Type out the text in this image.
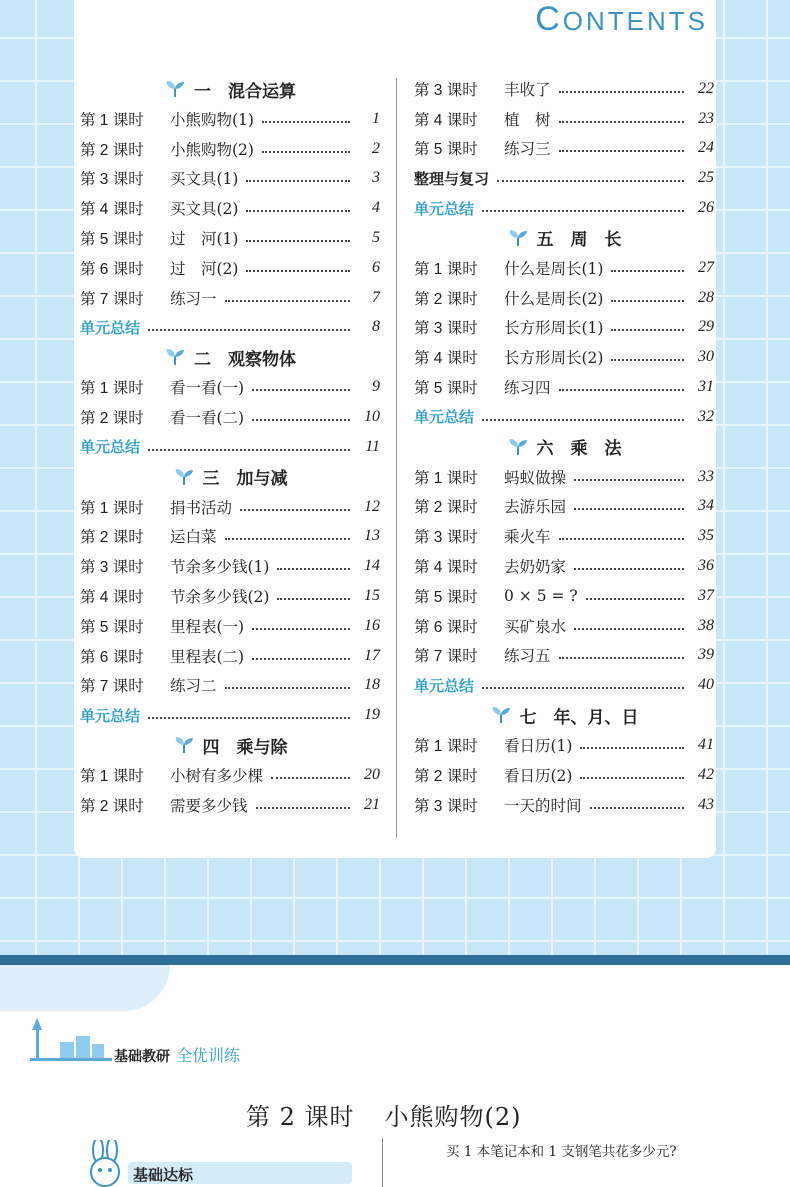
CONTENTS
一　混合运算
第 1 课时	小熊购物(1)	1
第 2 课时	小熊购物(2)	2
第 3 课时	买文具(1)	3
第 4 课时	买文具(2)	4
第 5 课时	过　河(1)	5
第 6 课时	过　河(2)	6
第 7 课时	练习一	7
单元总结	8
二　观察物体
第 1 课时	看一看(一)	9
第 2 课时	看一看(二)	10
单元总结	11
三　加与减
第 1 课时	捐书活动	12
第 2 课时	运白菜	13
第 3 课时	节余多少钱(1)	14
第 4 课时	节余多少钱(2)	15
第 5 课时	里程表(一)	16
第 6 课时	里程表(二)	17
第 7 课时	练习二	18
单元总结	19
四　乘与除
第 1 课时	小树有多少棵	20
第 2 课时	需要多少钱	21
第 3 课时	丰收了	22
第 4 课时	植　树	23
第 5 课时	练习三	24
整理与复习	25
单元总结	26
五　周　长
第 1 课时	什么是周长(1)	27
第 2 课时	什么是周长(2)	28
第 3 课时	长方形周长(1)	29
第 4 课时	长方形周长(2)	30
第 5 课时	练习四	31
单元总结	32
六　乘　法
第 1 课时	蚂蚁做操	33
第 2 课时	去游乐园	34
第 3 课时	乘火车	35
第 4 课时	去奶奶家	36
第 5 课时	0 × 5 = ?	37
第 6 课时	买矿泉水	38
第 7 课时	练习五	39
单元总结	40
七　年、月、日
第 1 课时	看日历(1)	41
第 2 课时	看日历(2)	42
第 3 课时	一天的时间	43
基础教研 全优训练
第 2 课时 小熊购物(2)
基础达标
买 1 本笔记本和 1 支钢笔共花多少元?
